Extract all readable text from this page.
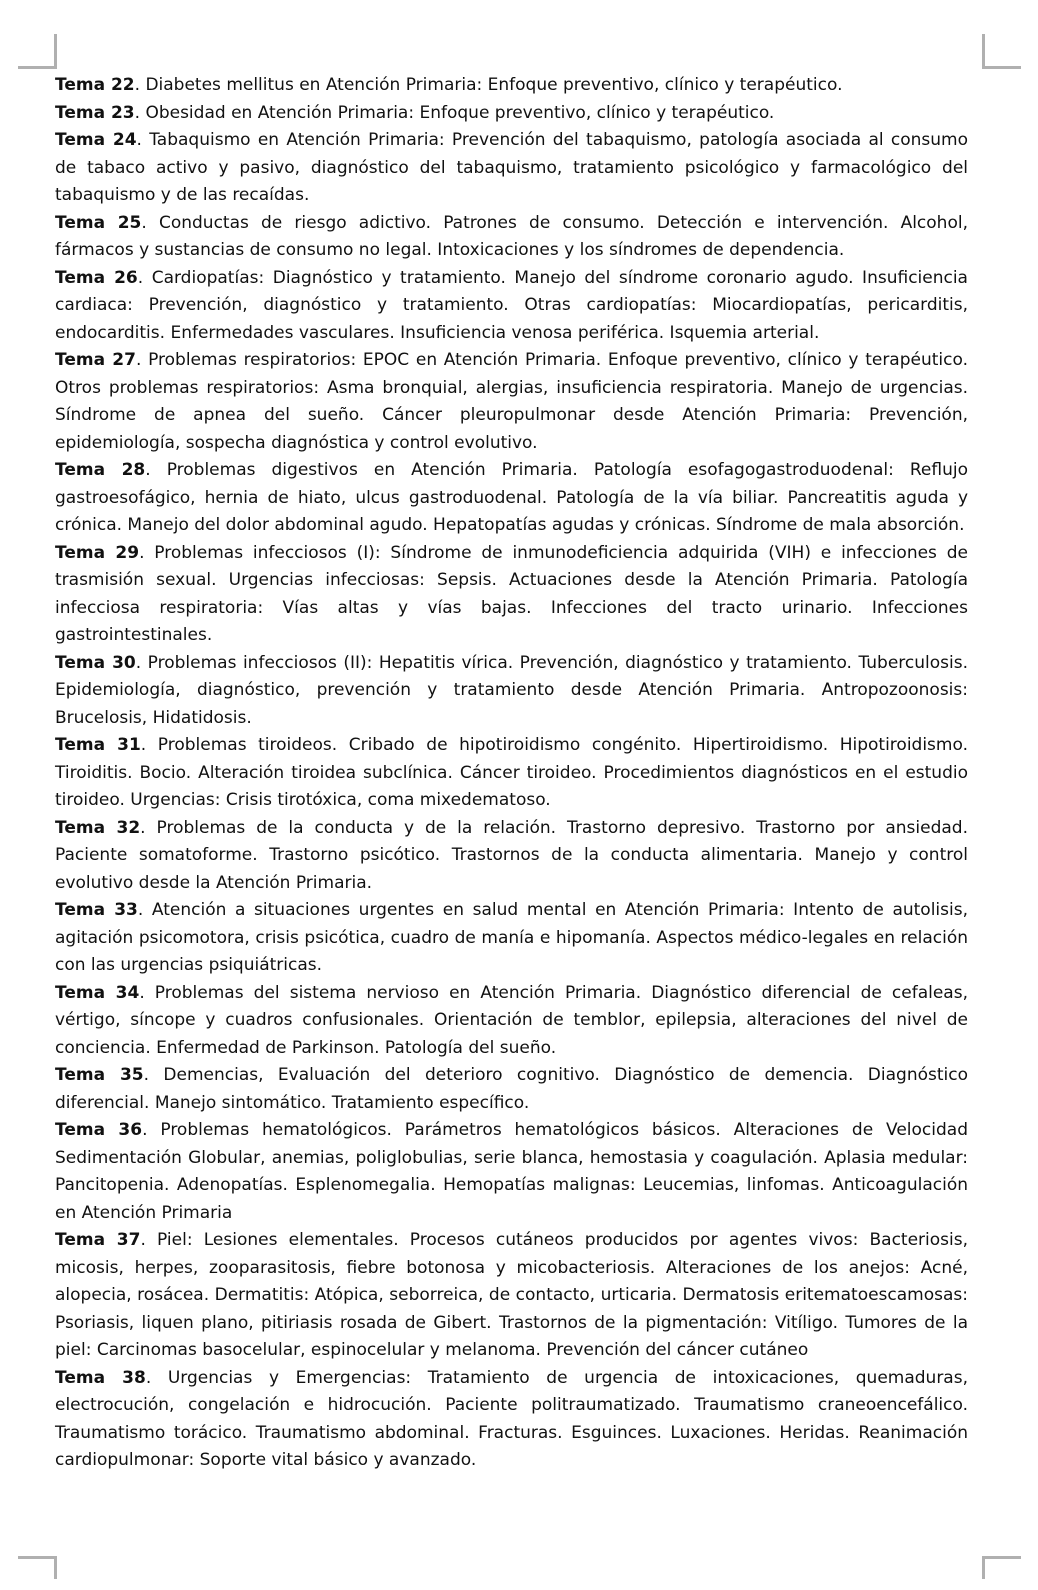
Tema 22. Diabetes mellitus en Atención Primaria: Enfoque preventivo, clínico y terapéutico.

Tema 23. Obesidad en Atención Primaria: Enfoque preventivo, clínico y terapéutico.

Tema 24. Tabaquismo en Atención Primaria: Prevención del tabaquismo, patología asociada al consumo de tabaco activo y pasivo, diagnóstico del tabaquismo, tratamiento psicológico y farmacológico del tabaquismo y de las recaídas.

Tema 25. Conductas de riesgo adictivo. Patrones de consumo. Detección e intervención. Alcohol, fármacos y sustancias de consumo no legal. Intoxicaciones y los síndromes de dependencia.

Tema 26. Cardiopatías: Diagnóstico y tratamiento. Manejo del síndrome coronario agudo. Insuficiencia cardiaca: Prevención, diagnóstico y tratamiento. Otras cardiopatías: Miocardiopatías, pericarditis, endocarditis. Enfermedades vasculares. Insuficiencia venosa periférica. Isquemia arterial.

Tema 27. Problemas respiratorios: EPOC en Atención Primaria. Enfoque preventivo, clínico y terapéutico. Otros problemas respiratorios: Asma bronquial, alergias, insuficiencia respiratoria. Manejo de urgencias. Síndrome de apnea del sueño. Cáncer pleuropulmonar desde Atención Primaria: Prevención, epidemiología, sospecha diagnóstica y control evolutivo.

Tema 28. Problemas digestivos en Atención Primaria. Patología esofagogastroduodenal: Reflujo gastroesofágico, hernia de hiato, ulcus gastroduodenal. Patología de la vía biliar. Pancreatitis aguda y crónica. Manejo del dolor abdominal agudo. Hepatopatías agudas y crónicas. Síndrome de mala absorción.

Tema 29. Problemas infecciosos (I): Síndrome de inmunodeficiencia adquirida (VIH) e infecciones de trasmisión sexual. Urgencias infecciosas: Sepsis. Actuaciones desde la Atención Primaria. Patología infecciosa respiratoria: Vías altas y vías bajas. Infecciones del tracto urinario. Infecciones gastrointestinales.

Tema 30. Problemas infecciosos (II): Hepatitis vírica. Prevención, diagnóstico y tratamiento. Tuberculosis. Epidemiología, diagnóstico, prevención y tratamiento desde Atención Primaria. Antropozoonosis: Brucelosis, Hidatidosis.

Tema 31. Problemas tiroideos. Cribado de hipotiroidismo congénito. Hipertiroidismo. Hipotiroidismo. Tiroiditis. Bocio. Alteración tiroidea subclínica. Cáncer tiroideo. Procedimientos diagnósticos en el estudio tiroideo. Urgencias: Crisis tirotóxica, coma mixedematoso.

Tema 32. Problemas de la conducta y de la relación. Trastorno depresivo. Trastorno por ansiedad. Paciente somatoforme. Trastorno psicótico. Trastornos de la conducta alimentaria. Manejo y control evolutivo desde la Atención Primaria.

Tema 33. Atención a situaciones urgentes en salud mental en Atención Primaria: Intento de autolisis, agitación psicomotora, crisis psicótica, cuadro de manía e hipomanía. Aspectos médico-legales en relación con las urgencias psiquiátricas.

Tema 34. Problemas del sistema nervioso en Atención Primaria. Diagnóstico diferencial de cefaleas, vértigo, síncope y cuadros confusionales. Orientación de temblor, epilepsia, alteraciones del nivel de conciencia. Enfermedad de Parkinson. Patología del sueño.

Tema 35. Demencias, Evaluación del deterioro cognitivo. Diagnóstico de demencia. Diagnóstico diferencial. Manejo sintomático. Tratamiento específico.

Tema 36. Problemas hematológicos. Parámetros hematológicos básicos. Alteraciones de Velocidad Sedimentación Globular, anemias, poliglobulias, serie blanca, hemostasia y coagulación. Aplasia medular: Pancitopenia. Adenopatías. Esplenomegalia. Hemopatías malignas: Leucemias, linfomas. Anticoagulación en Atención Primaria

Tema 37. Piel: Lesiones elementales. Procesos cutáneos producidos por agentes vivos: Bacteriosis, micosis, herpes, zooparasitosis, fiebre botonosa y micobacteriosis. Alteraciones de los anejos: Acné, alopecia, rosácea. Dermatitis: Atópica, seborreica, de contacto, urticaria. Dermatosis eritematoescamosas: Psoriasis, liquen plano, pitiriasis rosada de Gibert. Trastornos de la pigmentación: Vitíligo. Tumores de la piel: Carcinomas basocelular, espinocelular y melanoma. Prevención del cáncer cutáneo

Tema 38. Urgencias y Emergencias: Tratamiento de urgencia de intoxicaciones, quemaduras, electrocución, congelación e hidrocución. Paciente politraumatizado. Traumatismo craneoencefálico. Traumatismo torácico. Traumatismo abdominal. Fracturas. Esguinces. Luxaciones. Heridas. Reanimación cardiopulmonar: Soporte vital básico y avanzado.
